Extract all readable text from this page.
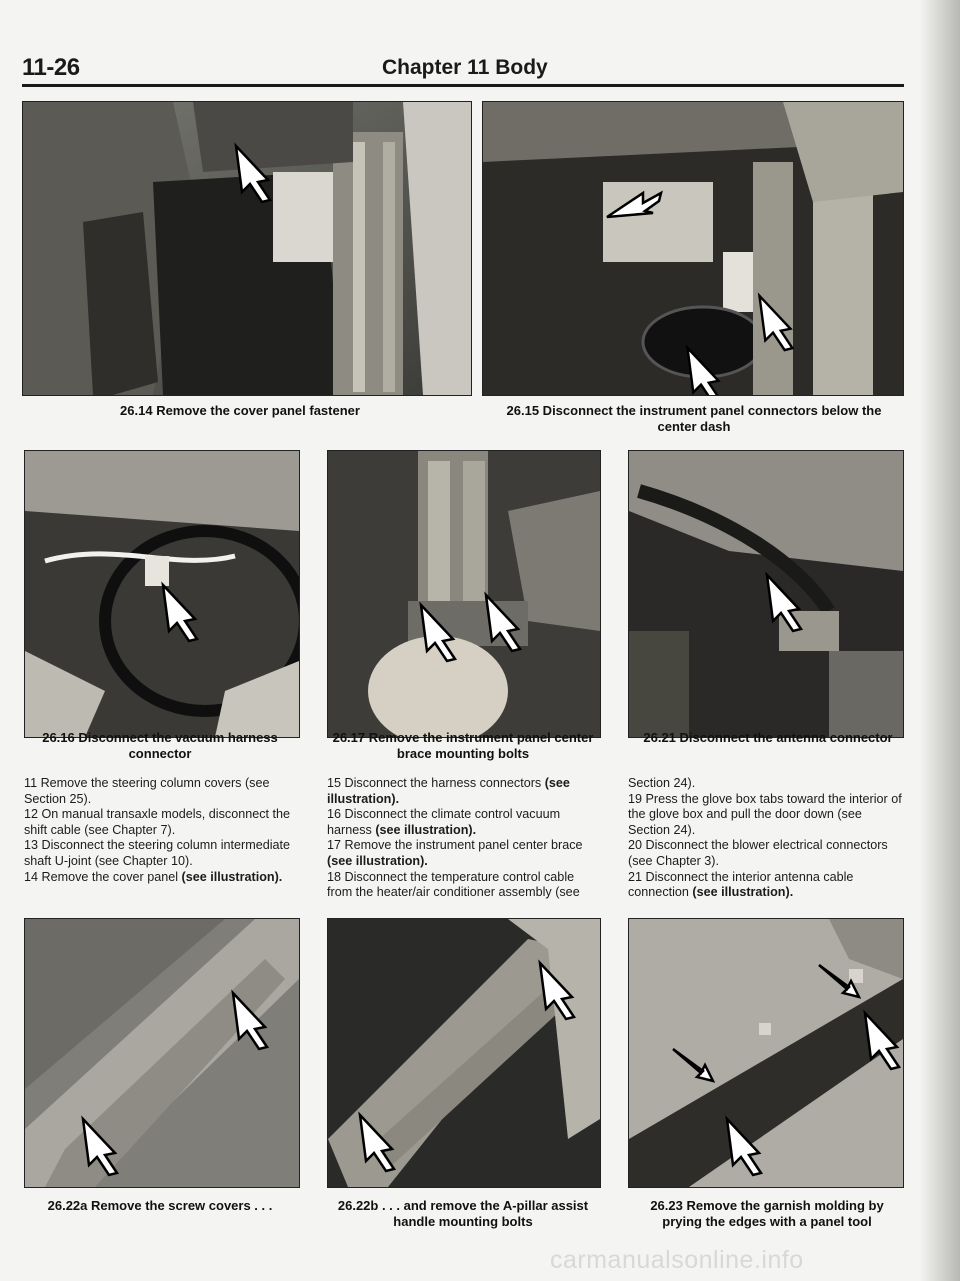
11-26	Chapter 11 Body
26.14 Remove the cover panel fastener	26.15 Disconnect the instrument panel connectors below the center dash
26.16 Disconnect the vacuum harness connector
26.17 Remove the instrument panel center brace mounting bolts
26.21 Disconnect the antenna connector

11 Remove the steering column covers (see Section 25).

12 On manual transaxle models, disconnect the shift cable (see Chapter 7).

13 Disconnect the steering column intermediate shaft U-joint (see Chapter 10).

14 Remove the cover panel (see illustration).

15 Disconnect the harness connectors (see illustration).

16 Disconnect the climate control vacuum harness (see illustration).

17 Remove the instrument panel center brace (see illustration).

18 Disconnect the temperature control cable from the heater/air conditioner assembly (see

Section 24).

19 Press the glove box tabs toward the interior of the glove box and pull the door down (see Section 24).

20 Disconnect the blower electrical connectors (see Chapter 3).

21 Disconnect the interior antenna cable connection (see illustration).

26.22a Remove the screw covers . . .	26.22b . . . and remove the A-pillar assist handle mounting bolts
26.23 Remove the garnish molding by prying the edges with a panel tool
carmanualsonline.info
